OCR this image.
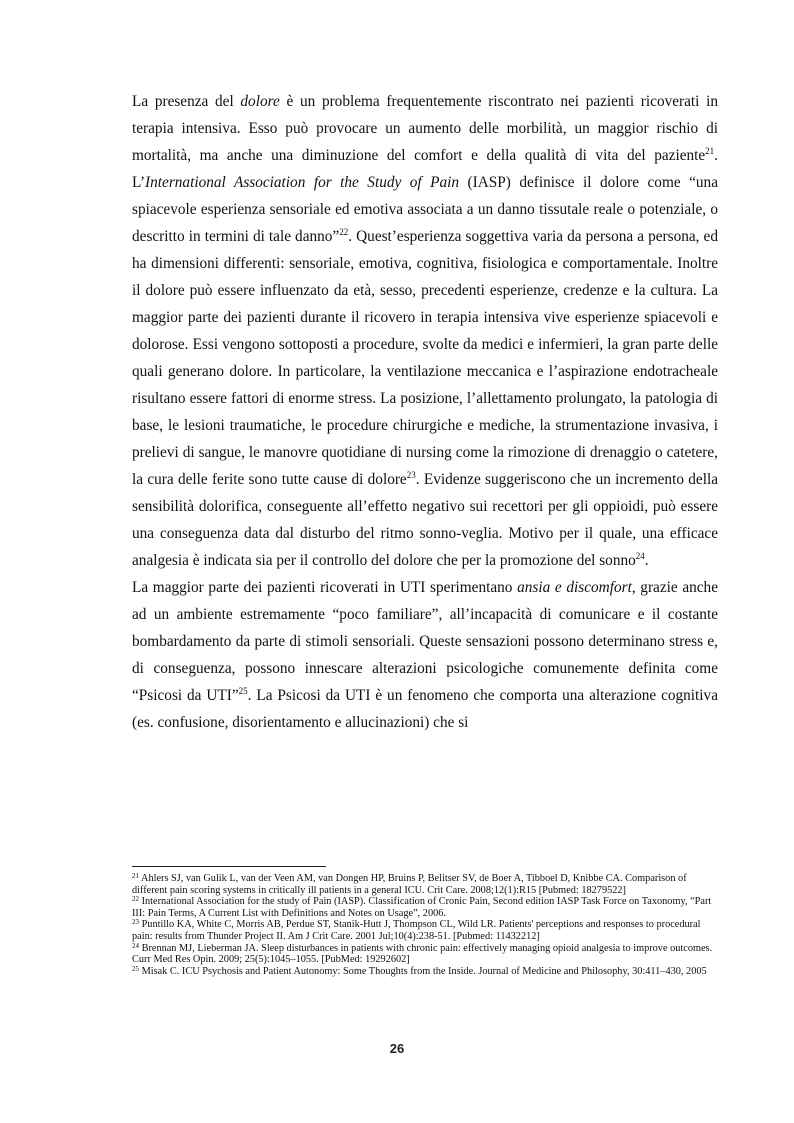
La presenza del dolore è un problema frequentemente riscontrato nei pazienti ricoverati in terapia intensiva. Esso può provocare un aumento delle morbilità, un maggior rischio di mortalità, ma anche una diminuzione del comfort e della qualità di vita del paziente$^{21}$. L’International Association for the Study of Pain (IASP) definisce il dolore come “una spiacevole esperienza sensoriale ed emotiva associata a un danno tissutale reale o potenziale, o descritto in termini di tale danno”$^{22}$. Quest’esperienza soggettiva varia da persona a persona, ed ha dimensioni differenti: sensoriale, emotiva, cognitiva, fisiologica e comportamentale. Inoltre il dolore può essere influenzato da età, sesso, precedenti esperienze, credenze e la cultura. La maggior parte dei pazienti durante il ricovero in terapia intensiva vive esperienze spiacevoli e dolorose. Essi vengono sottoposti a procedure, svolte da medici e infermieri, la gran parte delle quali generano dolore. In particolare, la ventilazione meccanica e l’aspirazione endotracheale risultano essere fattori di enorme stress. La posizione, l’allettamento prolungato, la patologia di base, le lesioni traumatiche, le procedure chirurgiche e mediche, la strumentazione invasiva, i prelievi di sangue, le manovre quotidiane di nursing come la rimozione di drenaggio o catetere, la cura delle ferite sono tutte cause di dolore$^{23}$. Evidenze suggeriscono che un incremento della sensibilità dolorifica, conseguente all’effetto negativo sui recettori per gli oppioidi, può essere una conseguenza data dal disturbo del ritmo sonno-veglia. Motivo per il quale, una efficace analgesia è indicata sia per il controllo del dolore che per la promozione del sonno$^{24}$.

La maggior parte dei pazienti ricoverati in UTI sperimentano ansia e discomfort, grazie anche ad un ambiente estremamente “poco familiare”, all’incapacità di comunicare e il costante bombardamento da parte di stimoli sensoriali. Queste sensazioni possono determinano stress e, di conseguenza, possono innescare alterazioni psicologiche comunemente definita come “Psicosi da UTI”$^{25}$. La Psicosi da UTI è un fenomeno che comporta una alterazione cognitiva (es. confusione, disorientamento e allucinazioni) che si

$^{21}$ Ahlers SJ, van Gulik L, van der Veen AM, van Dongen HP, Bruins P, Belitser SV, de Boer A, Tibboel D, Knibbe CA. Comparison of different pain scoring systems in critically ill patients in a general ICU. Crit Care. 2008;12(1):R15 [Pubmed: 18279522]

$^{22}$ International Association for the study of Pain (IASP). Classification of Cronic Pain, Second edition IASP Task Force on Taxonomy, “Part III: Pain Terms, A Current List with Definitions and Notes on Usage”, 2006.

$^{23}$ Puntillo KA, White C, Morris AB, Perdue ST, Stanik-Hutt J, Thompson CL, Wild LR. Patients' perceptions and responses to procedural pain: results from Thunder Project II. Am J Crit Care. 2001 Jul;10(4):238-51. [Pubmed: 11432212]

$^{24}$ Brennan MJ, Lieberman JA. Sleep disturbances in patients with chronic pain: effectively managing opioid analgesia to improve outcomes. Curr Med Res Opin. 2009; 25(5):1045–1055. [PubMed: 19292602]

$^{25}$ Misak C. ICU Psychosis and Patient Autonomy: Some Thoughts from the Inside. Journal of Medicine and Philosophy, 30:411–430, 2005

26
